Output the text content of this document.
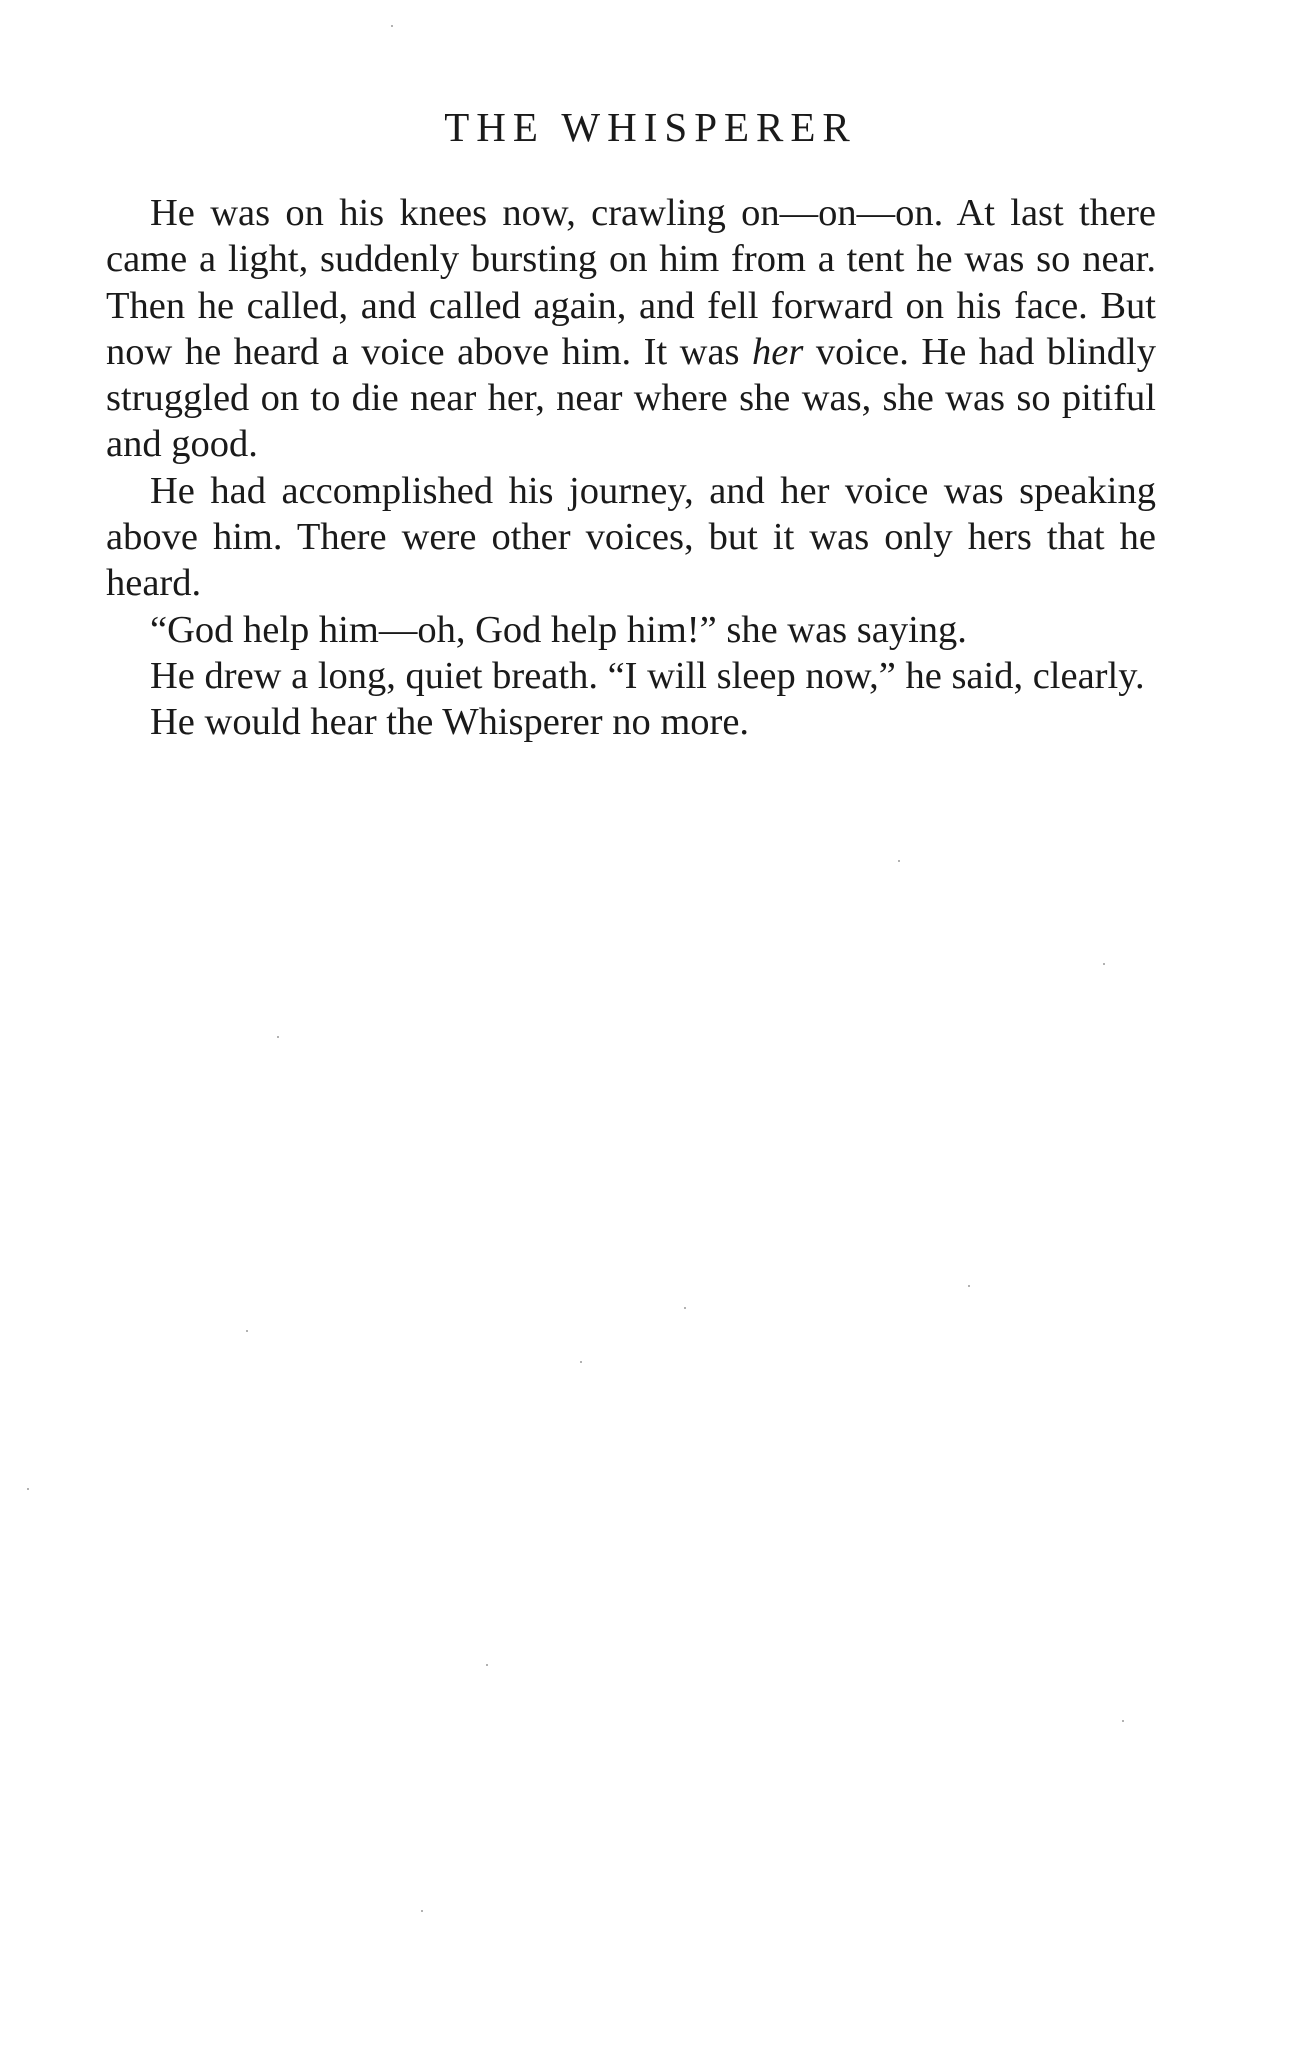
THE WHISPERER

He was on his knees now, crawling on—on—on. At last there came a light, suddenly bursting on him from a tent he was so near. Then he called, and called again, and fell forward on his face. But now he heard a voice above him. It was her voice. He had blindly struggled on to die near her, near where she was, she was so pitiful and good.

He had accomplished his journey, and her voice was speaking above him. There were other voices, but it was only hers that he heard.

“God help him—oh, God help him!” she was saying.

He drew a long, quiet breath. “I will sleep now,” he said, clearly.

He would hear the Whisperer no more.
